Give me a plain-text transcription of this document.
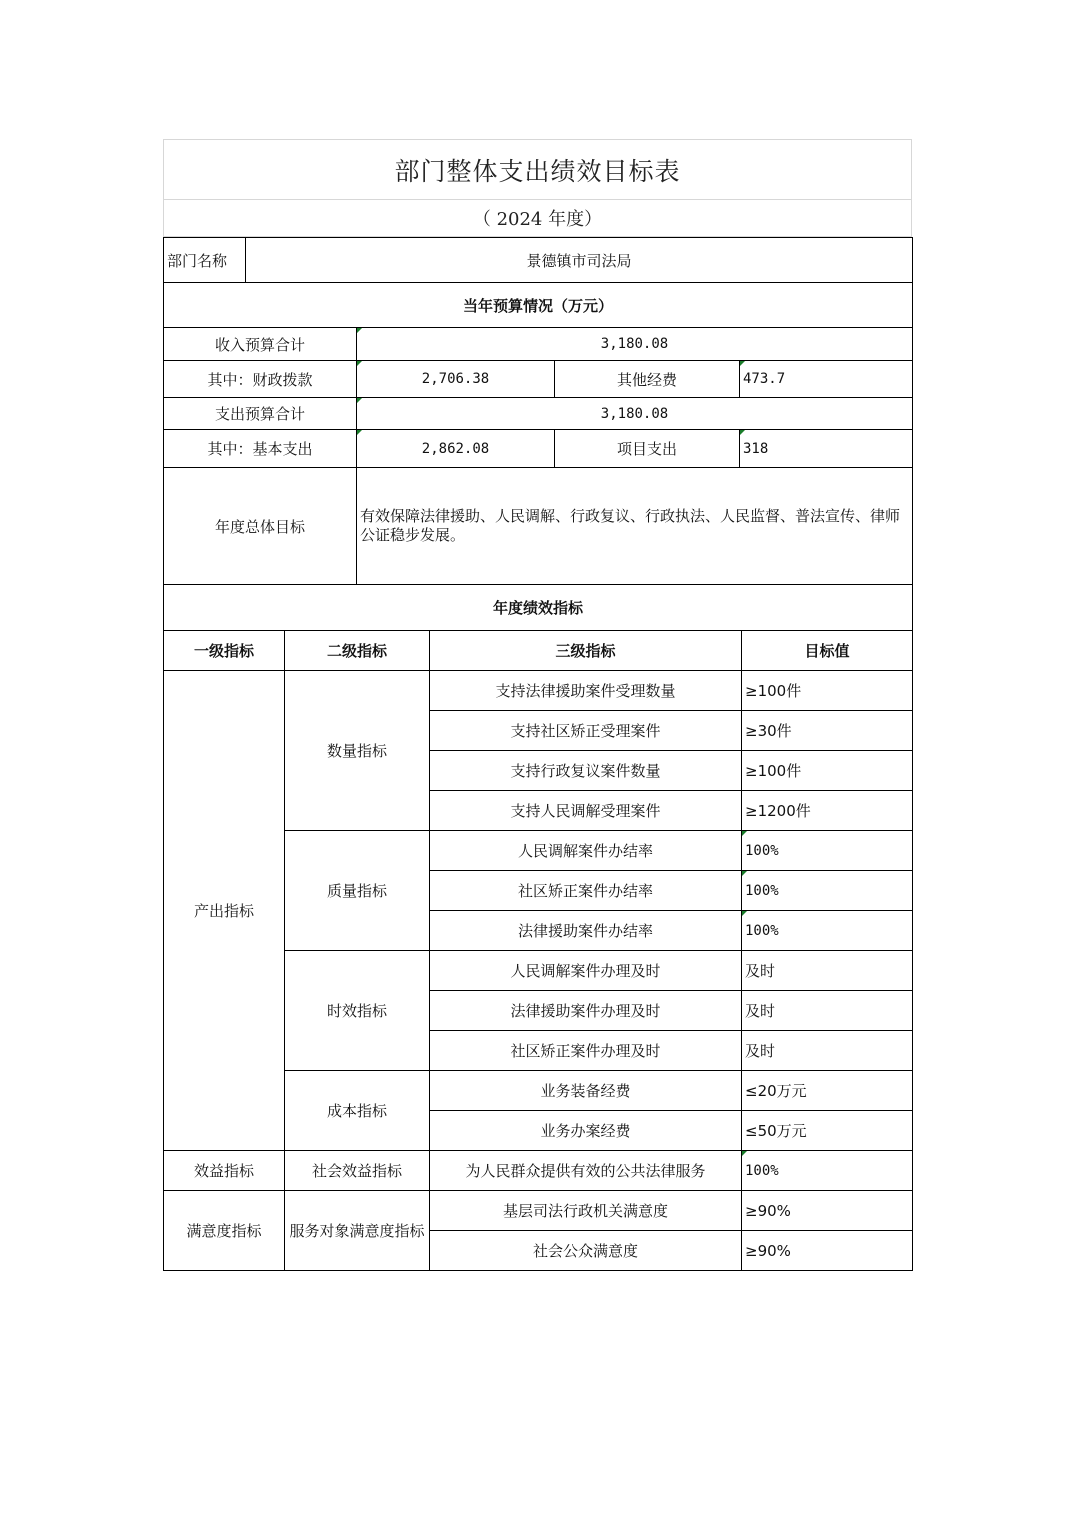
部门整体支出绩效目标表
（ 2024 年度）
部门名称	景德镇市司法局			
当年预算情况（万元）				
收入预算合计		3,180.08		
其中：财政拨款		2,706.38	其他经费	473.7
支出预算合计		3,180.08		
其中：基本支出		2,862.08	项目支出	318
年度总体目标		有效保障法律援助、人民调解、行政复议、行政执法、人民监督、普法宣传、律师公证稳步发展。		

年度绩效指标				
一级指标	二级指标	三级指标	目标值
产出指标	数量指标	支持法律援助案件受理数量	≥100件
		支持社区矫正受理案件	≥30件
		支持行政复议案件数量	≥100件
		支持人民调解受理案件	≥1200件
	质量指标	人民调解案件办结率	100%
		社区矫正案件办结率	100%
		法律援助案件办结率	100%
	时效指标	人民调解案件办理及时	及时
		法律援助案件办理及时	及时
		社区矫正案件办理及时	及时
	成本指标	业务装备经费	≤20万元
		业务办案经费	≤50万元
效益指标	社会效益指标	为人民群众提供有效的公共法律服务	100%
满意度指标	服务对象满意度指标	基层司法行政机关满意度	≥90%
		社会公众满意度	≥90%
